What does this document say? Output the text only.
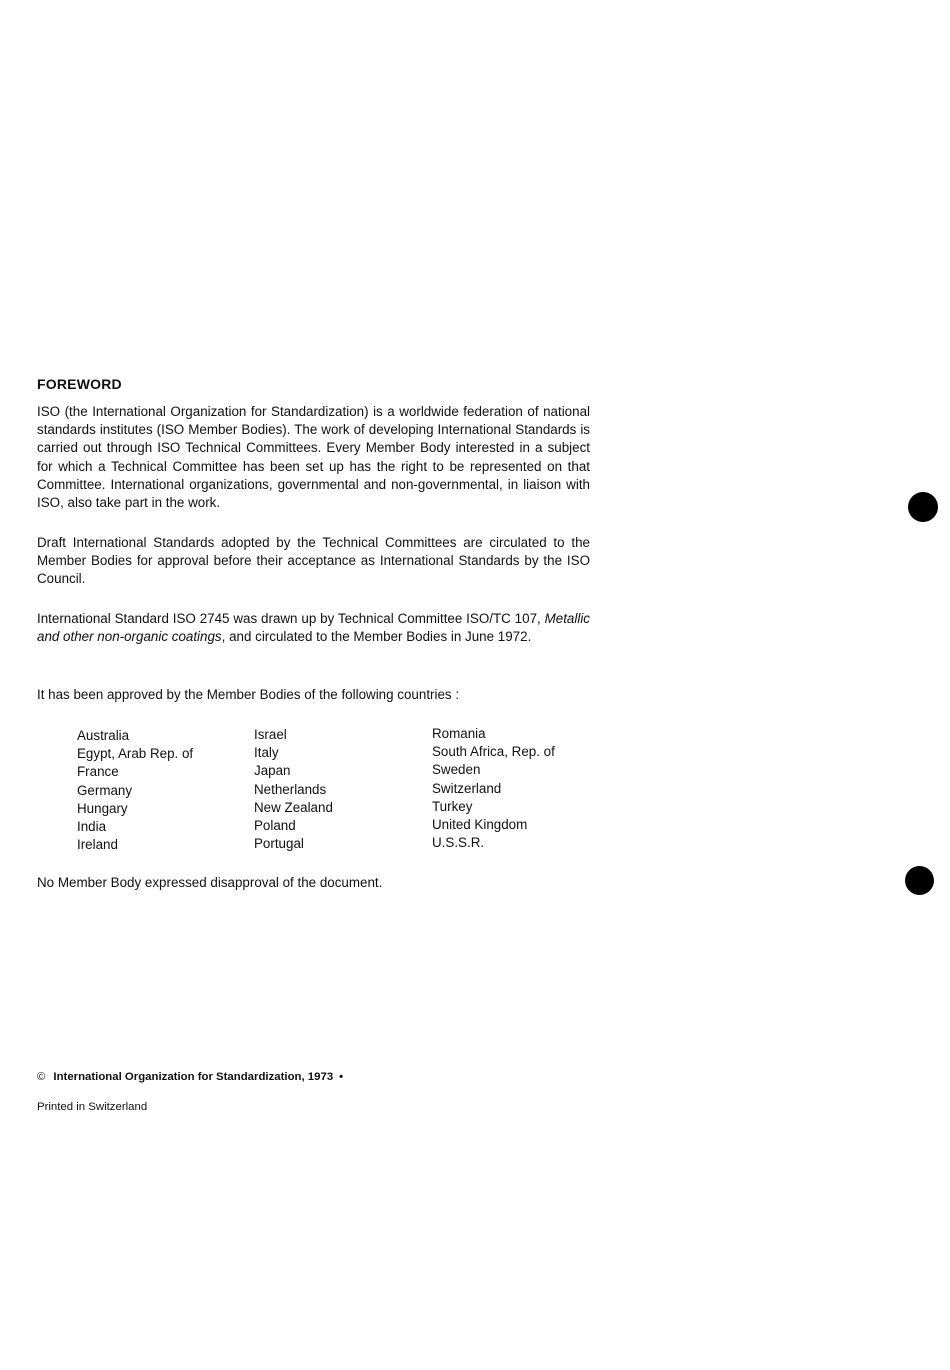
FOREWORD
ISO (the International Organization for Standardization) is a worldwide federation of national standards institutes (ISO Member Bodies). The work of developing International Standards is carried out through ISO Technical Committees. Every Member Body interested in a subject for which a Technical Committee has been set up has the right to be represented on that Committee. International organizations, governmental and non-governmental, in liaison with ISO, also take part in the work.
Draft International Standards adopted by the Technical Committees are circulated to the Member Bodies for approval before their acceptance as International Standards by the ISO Council.
International Standard ISO 2745 was drawn up by Technical Committee ISO/TC 107, Metallic and other non-organic coatings, and circulated to the Member Bodies in June 1972.
It has been approved by the Member Bodies of the following countries :
Australia
Egypt, Arab Rep. of
France
Germany
Hungary
India
Ireland
Israel
Italy
Japan
Netherlands
New Zealand
Poland
Portugal
Romania
South Africa, Rep. of
Sweden
Switzerland
Turkey
United Kingdom
U.S.S.R.
No Member Body expressed disapproval of the document.
© International Organization for Standardization, 1973 •
Printed in Switzerland
